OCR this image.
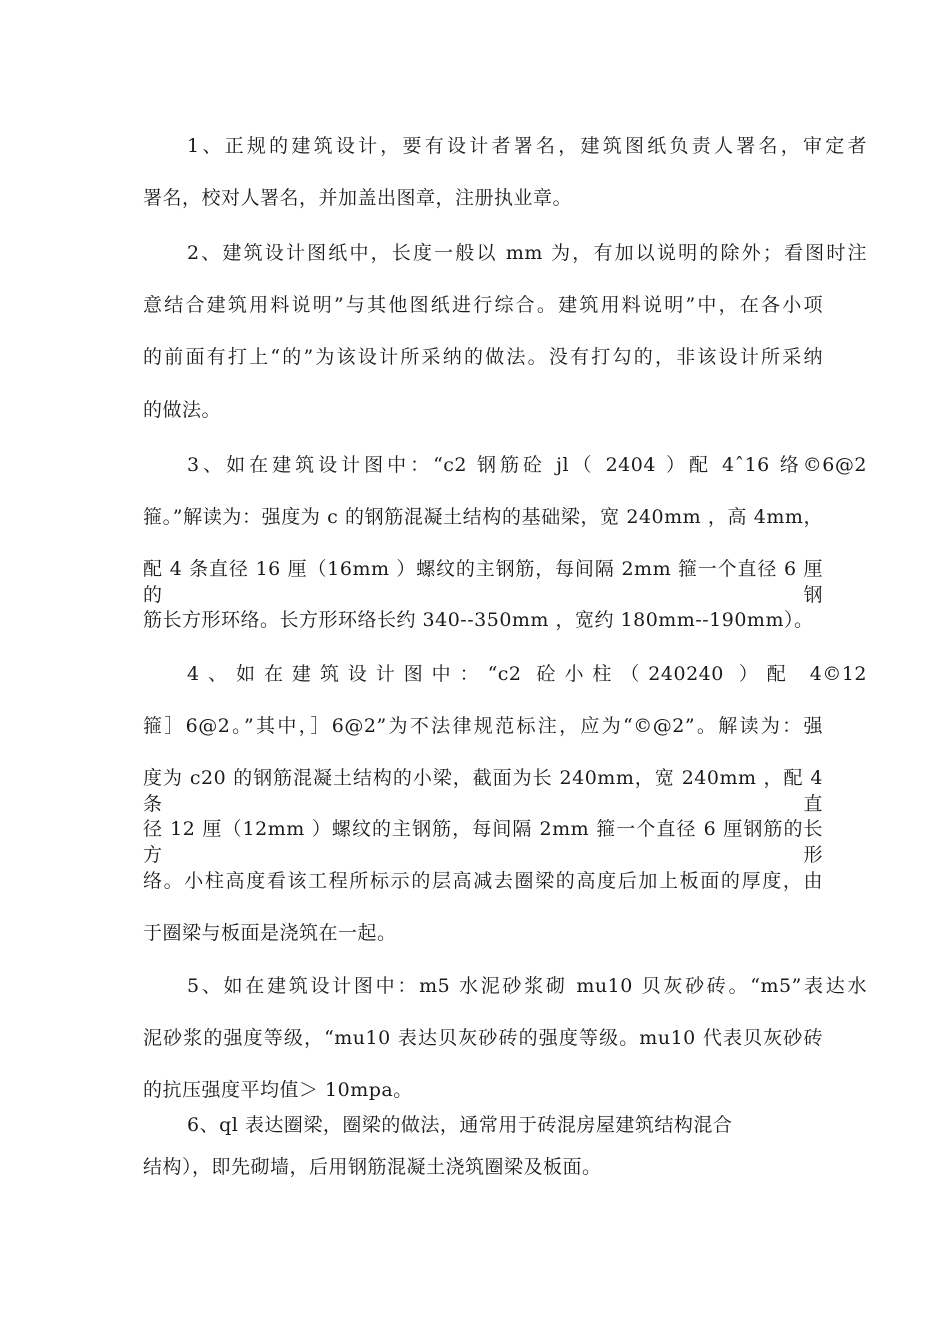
1、正规的建筑设计，要有设计者署名，建筑图纸负责人署名，审定者
署名，校对人署名，并加盖出图章，注册执业章。
2、建筑设计图纸中，长度一般以 mm 为，有加以说明的除外；看图时注
意结合建筑用料说明”与其他图纸进行综合。建筑用料说明”中，在各小项
的前面有打上“的”为该设计所采纳的做法。没有打勾的，非该设计所采纳
的做法。
3、如在建筑设计图中：“c2 钢筋砼 jl（ 2404 ）配 4ˆ16 络©6@2
箍。”解读为：强度为 c 的钢筋混凝土结构的基础梁，宽 240mm ，高 4mm，
配 4 条直径 16 厘（16mm ）螺纹的主钢筋，每间隔 2mm 箍一个直径 6 厘的钢
筋长方形环络。长方形环络长约 340--350mm ，宽约 180mm--190mm）。
4、如在建筑设计图中：“c2 砼小柱（240240 ）配 4©12
箍］6@2。”其中，］6@2”为不法律规范标注，应为“©@2”。解读为：强
度为 c20 的钢筋混凝土结构的小梁，截面为长 240mm，宽 240mm ，配 4 条直
径 12 厘（12mm ）螺纹的主钢筋，每间隔 2mm 箍一个直径 6 厘钢筋的长方形
络。小柱高度看该工程所标示的层高减去圈梁的高度后加上板面的厚度，由
于圈梁与板面是浇筑在一起。
5、如在建筑设计图中：m5 水泥砂浆砌 mu10 贝灰砂砖。“m5”表达水
泥砂浆的强度等级，“mu10 表达贝灰砂砖的强度等级。mu10 代表贝灰砂砖
的抗压强度平均值＞ 10mpa。
6、ql 表达圈梁，圈梁的做法，通常用于砖混房屋建筑结构混合
结构），即先砌墙，后用钢筋混凝土浇筑圈梁及板面。
